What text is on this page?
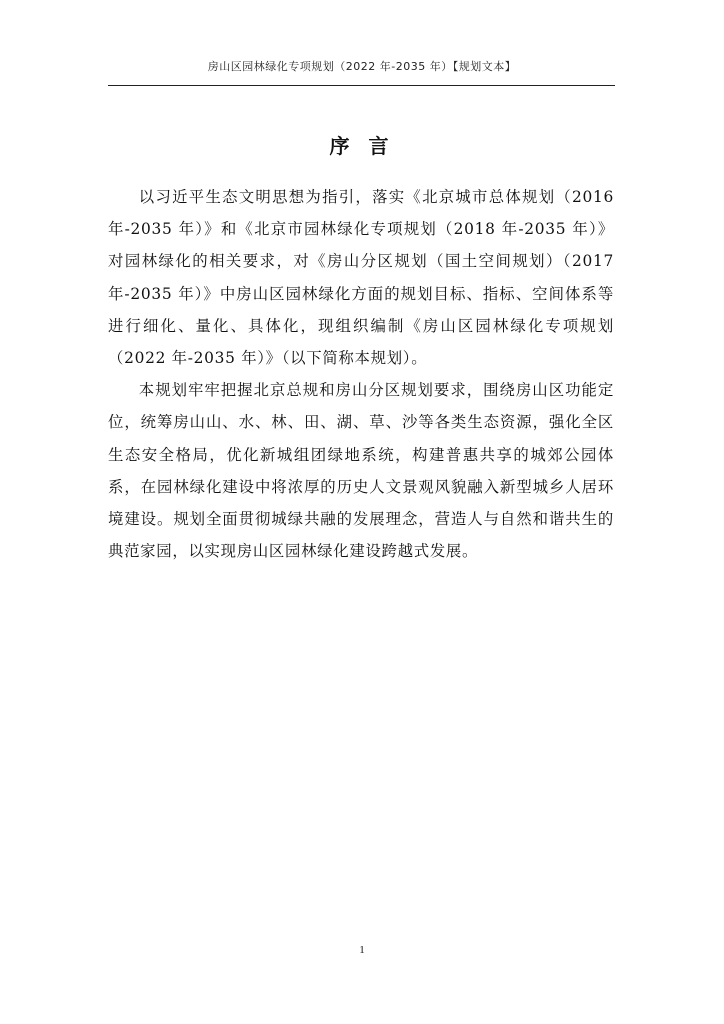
房山区园林绿化专项规划（2022 年-2035 年）【规划文本】
序 言

以习近平生态文明思想为指引，落实《北京城市总体规划（2016年-2035 年）》和《北京市园林绿化专项规划（2018 年-2035 年）》对园林绿化的相关要求，对《房山分区规划（国土空间规划）（2017年-2035 年）》中房山区园林绿化方面的规划目标、指标、空间体系等进行细化、量化、具体化，现组织编制《房山区园林绿化专项规划（2022 年-2035 年）》（以下简称本规划）。

本规划牢牢把握北京总规和房山分区规划要求，围绕房山区功能定位，统筹房山山、水、林、田、湖、草、沙等各类生态资源，强化全区生态安全格局，优化新城组团绿地系统，构建普惠共享的城郊公园体系，在园林绿化建设中将浓厚的历史人文景观风貌融入新型城乡人居环境建设。规划全面贯彻城绿共融的发展理念，营造人与自然和谐共生的典范家园，以实现房山区园林绿化建设跨越式发展。

1
